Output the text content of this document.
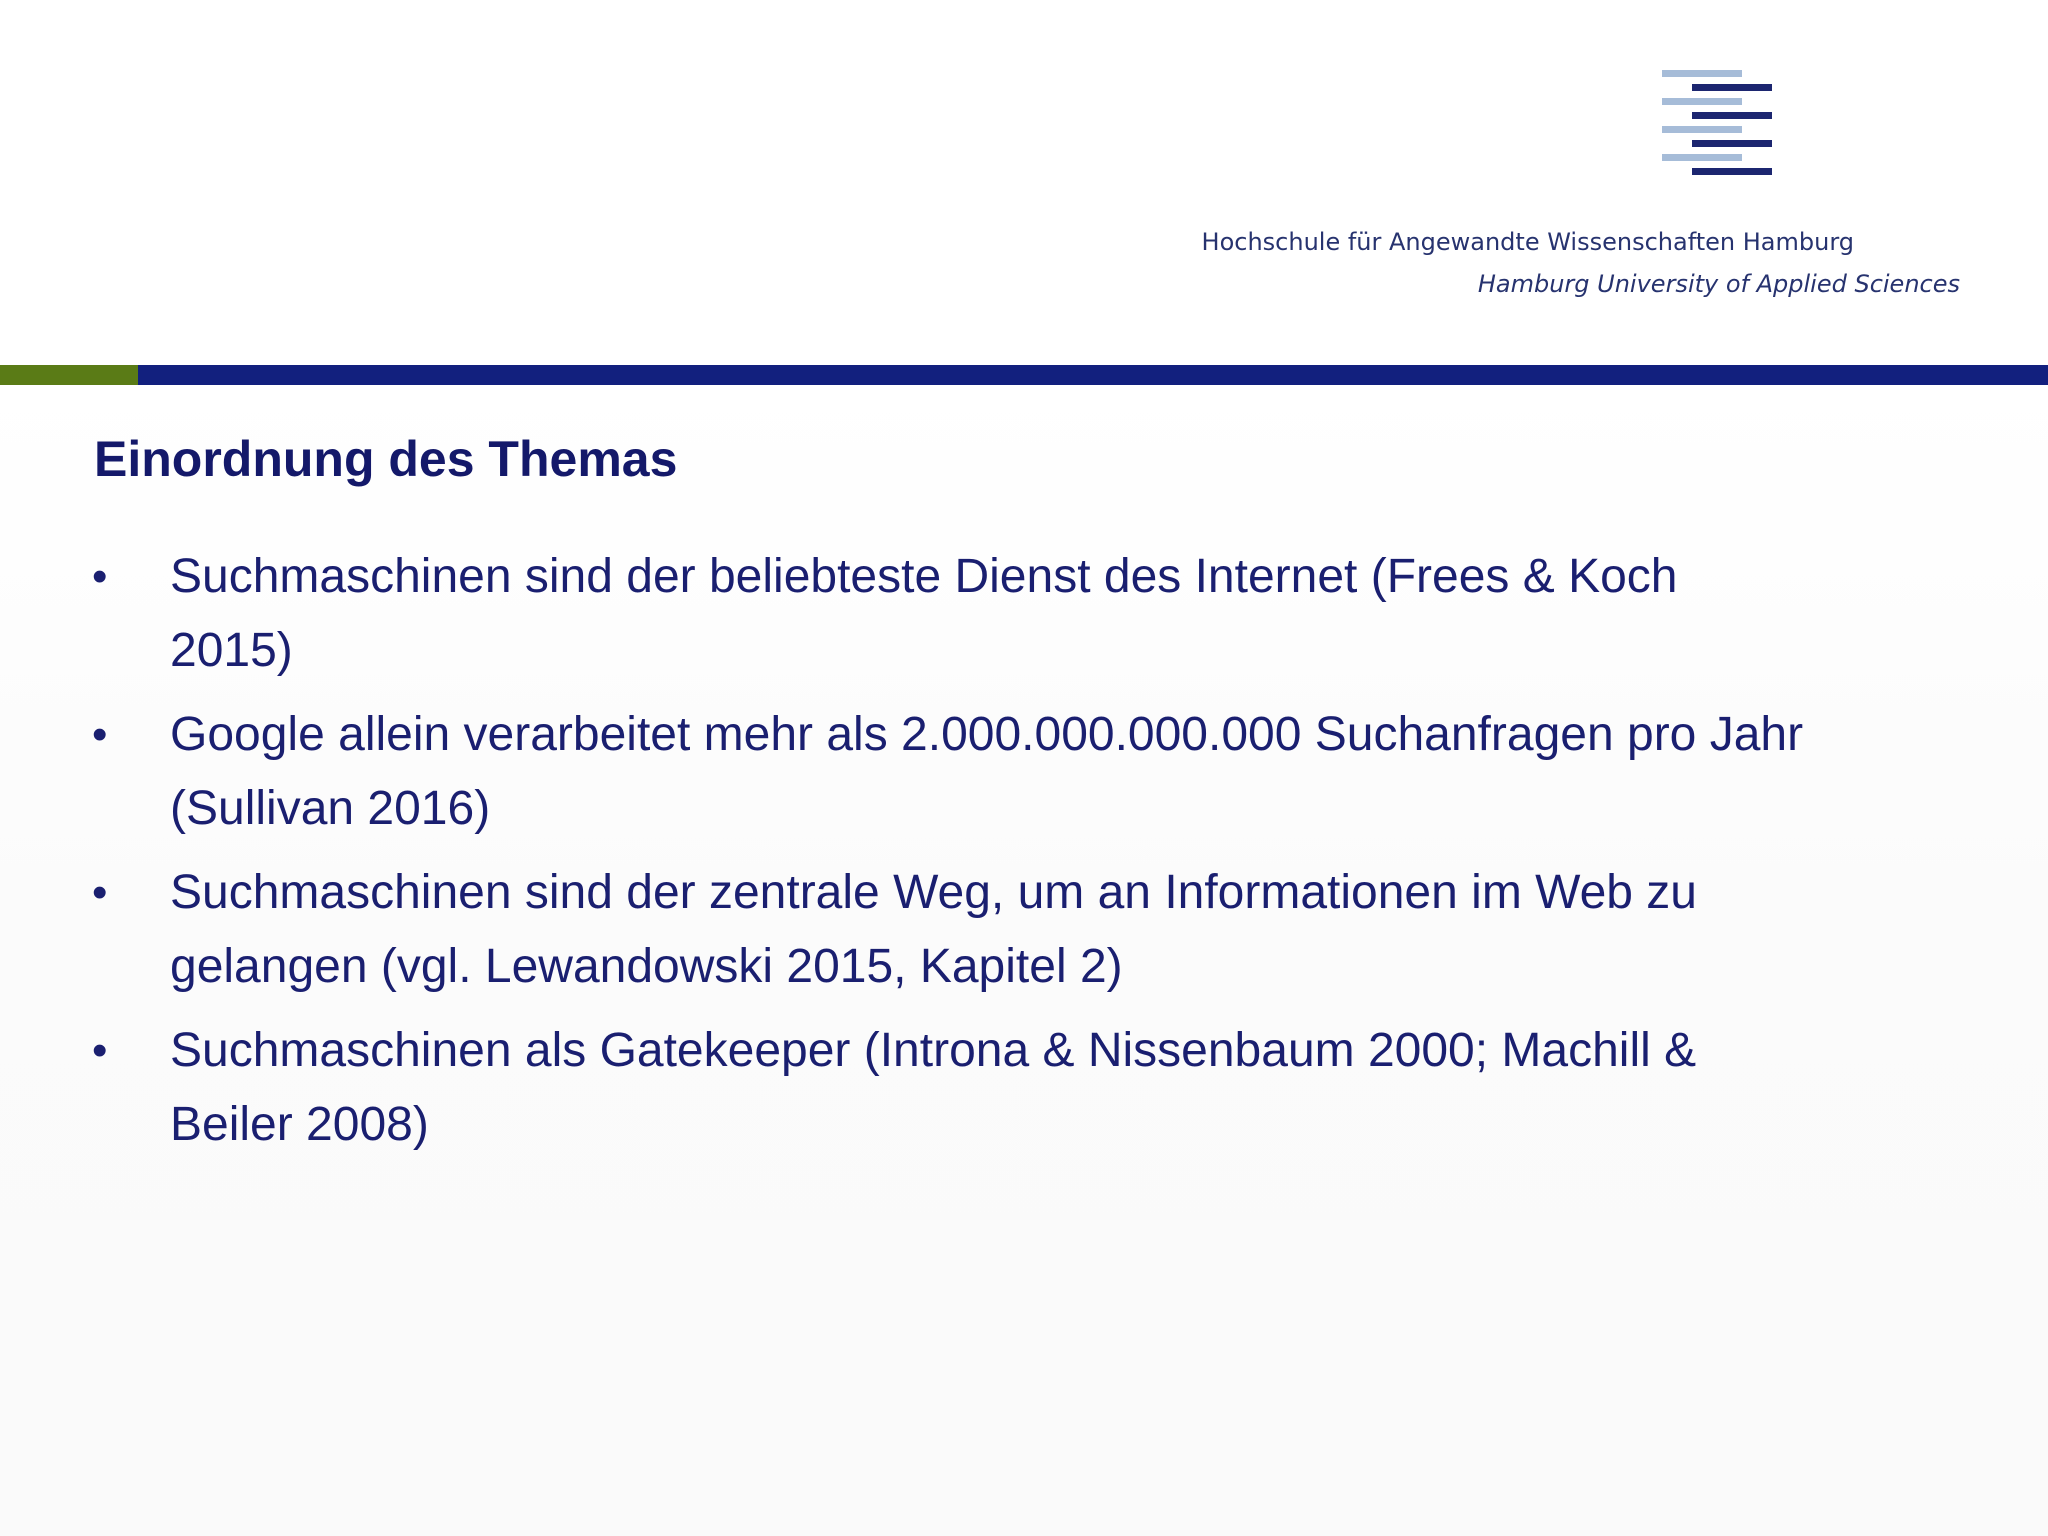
Hochschule für Angewandte Wissenschaften Hamburg
Hamburg University of Applied Sciences
Einordnung des Themas
• Suchmaschinen sind der beliebteste Dienst des Internet (Frees & Koch 2015)
• Google allein verarbeitet mehr als 2.000.000.000.000 Suchanfragen pro Jahr (Sullivan 2016)
• Suchmaschinen sind der zentrale Weg, um an Informationen im Web zu gelangen (vgl. Lewandowski 2015, Kapitel 2)
• Suchmaschinen als Gatekeeper (Introna & Nissenbaum 2000; Machill & Beiler 2008)
